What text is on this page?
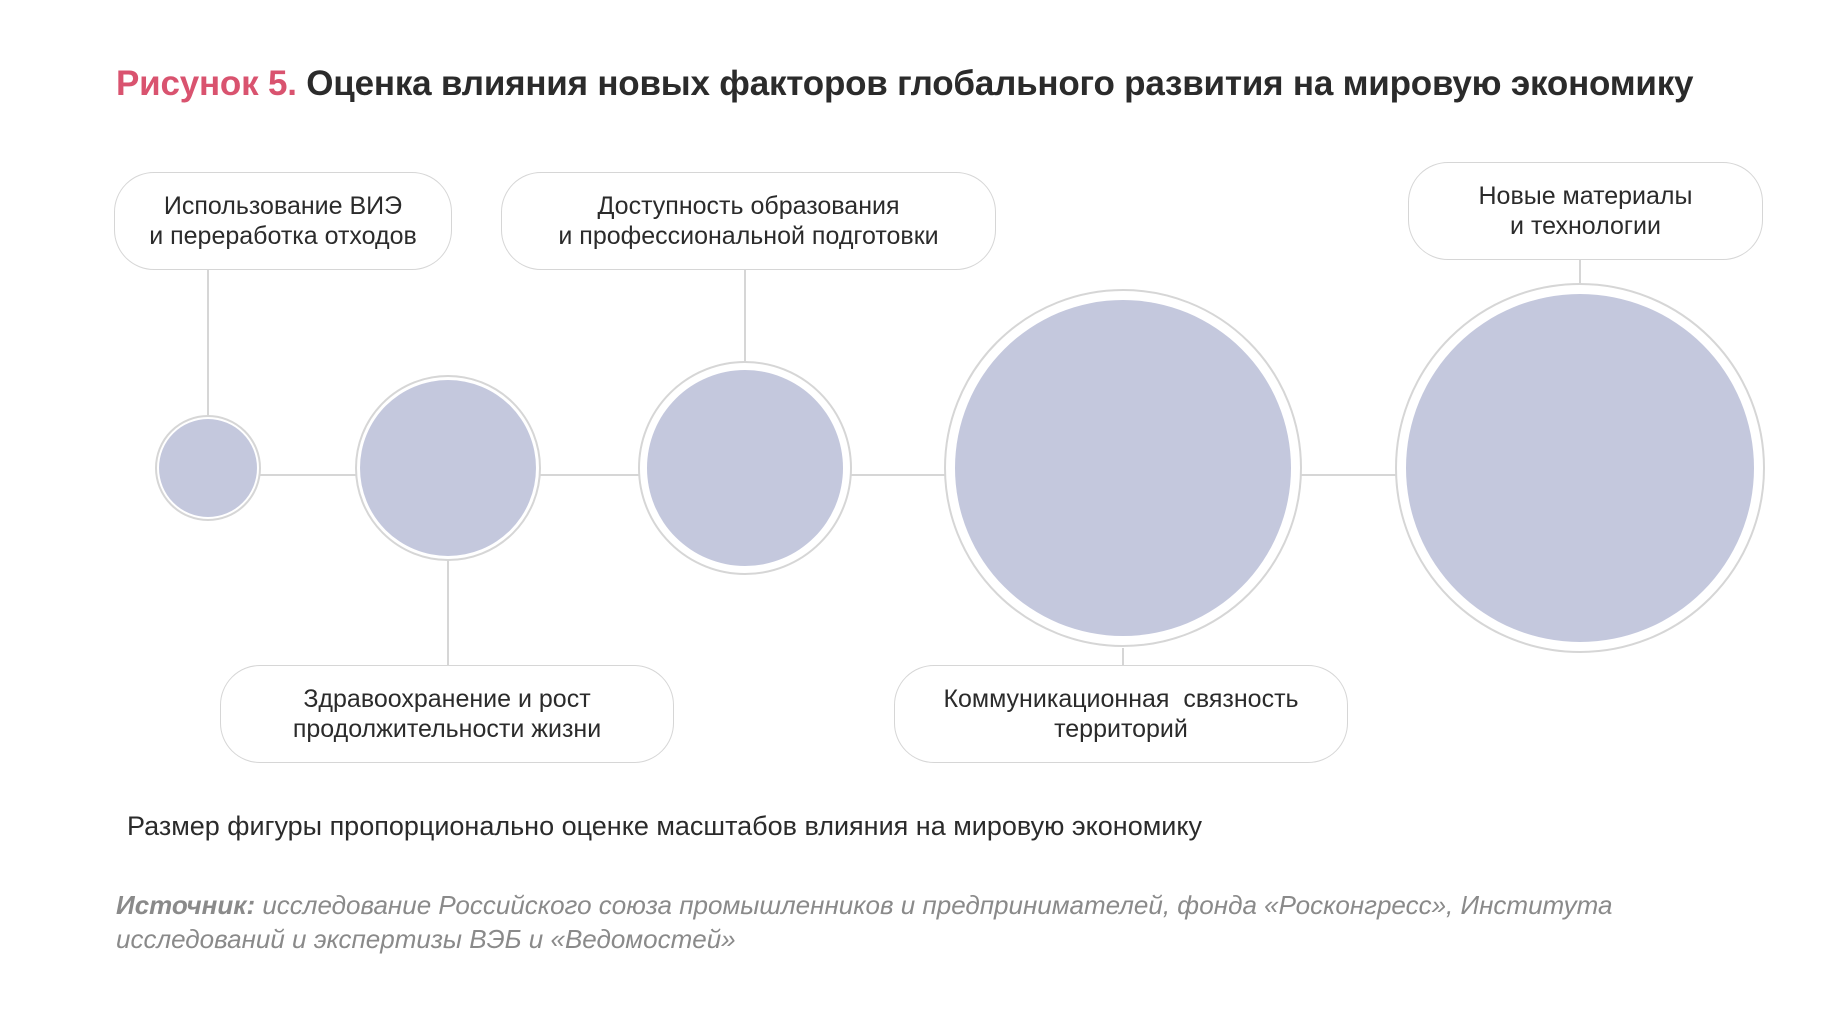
Рисунок 5. Оценка влияния новых факторов глобального развития на мировую экономику
Использование ВИЭ
и переработка отходов
Доступность образования
и профессиональной подготовки
Новые материалы
и технологии
Здравоохранение и рост
продолжительности жизни
Коммуникационная  связность
территорий
Размер фигуры пропорционально оценке масштабов влияния на мировую экономику
Источник: исследование Российского союза промышленников и предпринимателей, фонда «Росконгресс», Института исследований и экспертизы ВЭБ и «Ведомостей»
